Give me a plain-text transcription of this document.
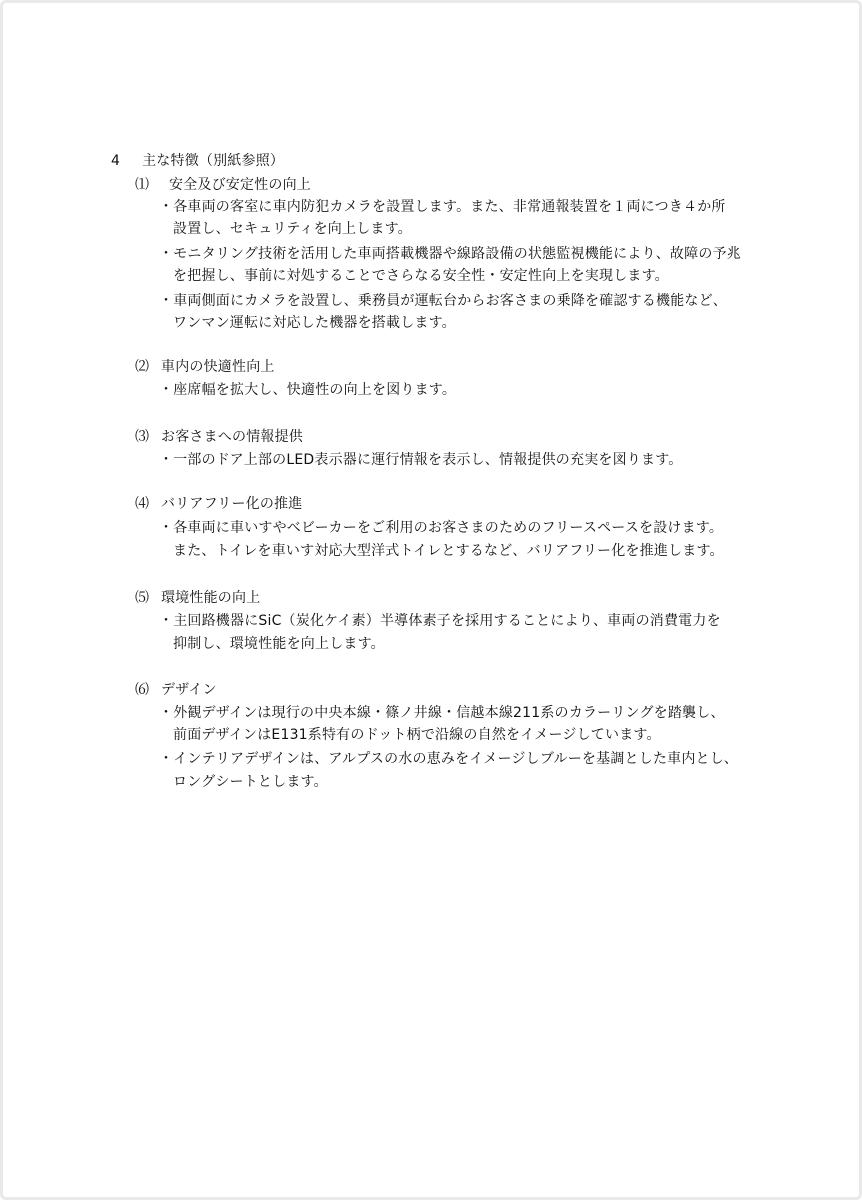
4 主な特徴（別紙参照）
⑴ 安全及び安定性の向上
・各車両の客室に車内防犯カメラを設置します。また、非常通報装置を１両につき４か所
設置し、セキュリティを向上します。
・モニタリング技術を活用した車両搭載機器や線路設備の状態監視機能により、故障の予兆
を把握し、事前に対処することでさらなる安全性・安定性向上を実現します。
・車両側面にカメラを設置し、乗務員が運転台からお客さまの乗降を確認する機能など、
ワンマン運転に対応した機器を搭載します。
⑵ 車内の快適性向上
・座席幅を拡大し、快適性の向上を図ります。
⑶ お客さまへの情報提供
・一部のドア上部のLED表示器に運行情報を表示し、情報提供の充実を図ります。
⑷ バリアフリー化の推進
・各車両に車いすやベビーカーをご利用のお客さまのためのフリースペースを設けます。
また、トイレを車いす対応大型洋式トイレとするなど、バリアフリー化を推進します。
⑸ 環境性能の向上
・主回路機器にSiC（炭化ケイ素）半導体素子を採用することにより、車両の消費電力を
抑制し、環境性能を向上します。
⑹ デザイン
・外観デザインは現行の中央本線・篠ノ井線・信越本線211系のカラーリングを踏襲し、
前面デザインはE131系特有のドット柄で沿線の自然をイメージしています。
・インテリアデザインは、アルプスの水の恵みをイメージしブルーを基調とした車内とし、
ロングシートとします。
